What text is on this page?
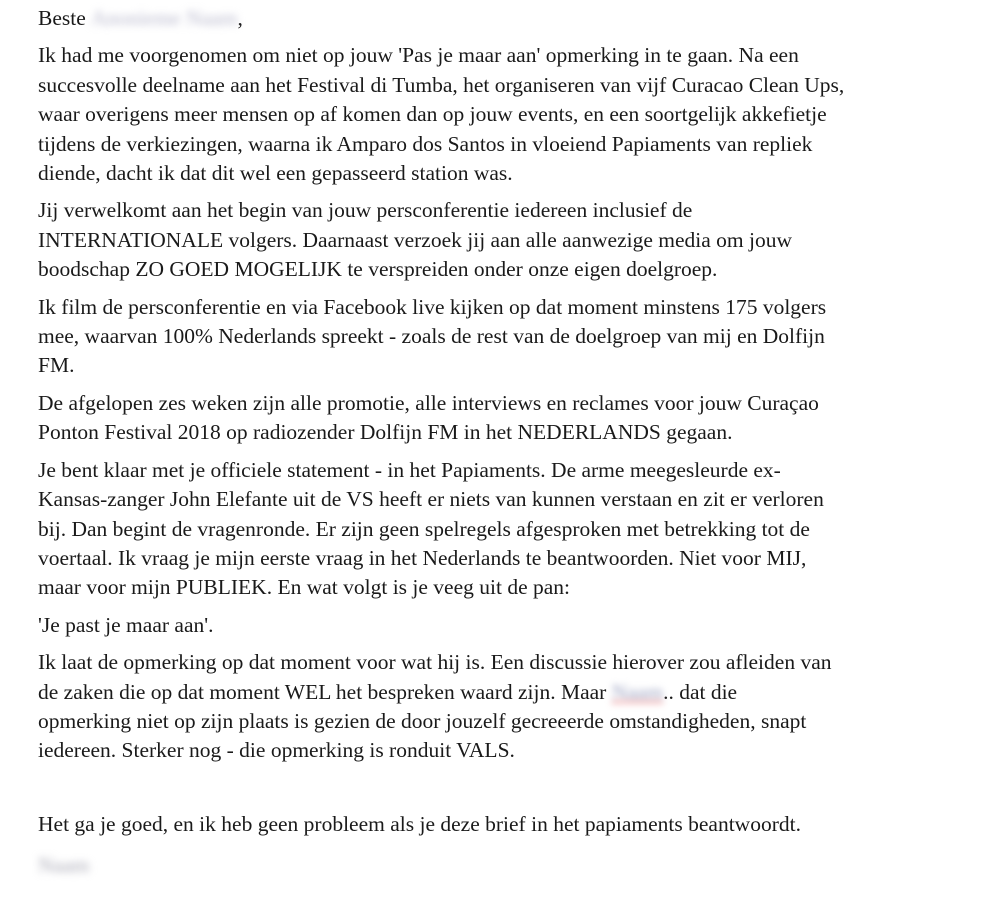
Beste Anonieme Naam,

Ik had me voorgenomen om niet op jouw 'Pas je maar aan' opmerking in te gaan. Na een
succesvolle deelname aan het Festival di Tumba, het organiseren van vijf Curacao Clean Ups,
waar overigens meer mensen op af komen dan op jouw events, en een soortgelijk akkefietje
tijdens de verkiezingen, waarna ik Amparo dos Santos in vloeiend Papiaments van repliek
diende, dacht ik dat dit wel een gepasseerd station was.

Jij verwelkomt aan het begin van jouw persconferentie iedereen inclusief de
INTERNATIONALE volgers. Daarnaast verzoek jij aan alle aanwezige media om jouw
boodschap ZO GOED MOGELIJK te verspreiden onder onze eigen doelgroep.

Ik film de persconferentie en via Facebook live kijken op dat moment minstens 175 volgers
mee, waarvan 100% Nederlands spreekt - zoals de rest van de doelgroep van mij en Dolfijn
FM.

De afgelopen zes weken zijn alle promotie, alle interviews en reclames voor jouw Curaçao
Ponton Festival 2018 op radiozender Dolfijn FM in het NEDERLANDS gegaan.

Je bent klaar met je officiele statement - in het Papiaments. De arme meegesleurde ex-
Kansas-zanger John Elefante uit de VS heeft er niets van kunnen verstaan en zit er verloren
bij. Dan begint de vragenronde. Er zijn geen spelregels afgesproken met betrekking tot de
voertaal. Ik vraag je mijn eerste vraag in het Nederlands te beantwoorden. Niet voor MIJ,
maar voor mijn PUBLIEK. En wat volgt is je veeg uit de pan:

'Je past je maar aan'.

Ik laat de opmerking op dat moment voor wat hij is. Een discussie hierover zou afleiden van
de zaken die op dat moment WEL het bespreken waard zijn. Maar Naam.. dat die
opmerking niet op zijn plaats is gezien de door jouzelf gecreeerde omstandigheden, snapt
iedereen. Sterker nog - die opmerking is ronduit VALS.

Het ga je goed, en ik heb geen probleem als je deze brief in het papiaments beantwoordt.

Naam
